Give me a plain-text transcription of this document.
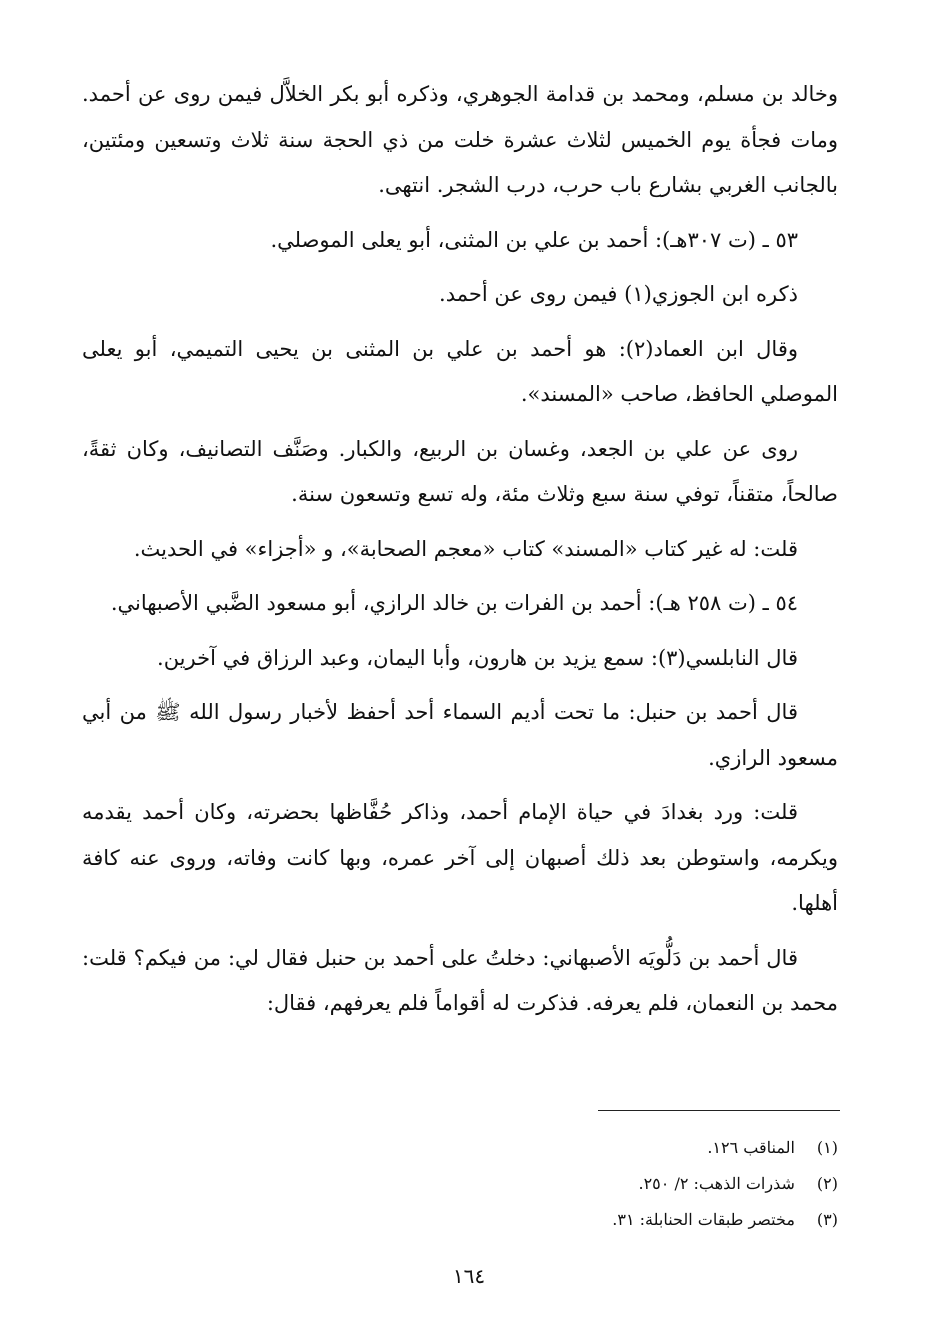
وخالد بن مسلم، ومحمد بن قدامة الجوهري، وذكره أبو بكر الخلاَّل فيمن روى عن أحمد. ومات فجأة يوم الخميس لثلاث عشرة خلت من ذي الحجة سنة ثلاث وتسعين ومئتين، بالجانب الغربي بشارع باب حرب، درب الشجر. انتهى.

٥٣ ـ (ت ٣٠٧هـ): أحمد بن علي بن المثنى، أبو يعلى الموصلي.

ذكره ابن الجوزي(١) فيمن روى عن أحمد.

وقال ابن العماد(٢): هو أحمد بن علي بن المثنى بن يحيى التميمي، أبو يعلى الموصلي الحافظ، صاحب «المسند».

روى عن علي بن الجعد، وغسان بن الربيع، والكبار. وصَنَّف التصانيف، وكان ثقةً، صالحاً، متقناً، توفي سنة سبع وثلاث مئة، وله تسع وتسعون سنة.

قلت: له غير كتاب «المسند» كتاب «معجم الصحابة»، و «أجزاء» في الحديث.

٥٤ ـ (ت ٢٥٨ هـ): أحمد بن الفرات بن خالد الرازي، أبو مسعود الضَّبي الأصبهاني.

قال النابلسي(٣): سمع يزيد بن هارون، وأبا اليمان، وعبد الرزاق في آخرين.

قال أحمد بن حنبل: ما تحت أديم السماء أحد أحفظ لأخبار رسول الله ﷺ من أبي مسعود الرازي.

قلت: ورد بغدادَ في حياة الإمام أحمد، وذاكر حُفَّاظها بحضرته، وكان أحمد يقدمه ويكرمه، واستوطن بعد ذلك أصبهان إلى آخر عمره، وبها كانت وفاته، وروى عنه كافة أهلها.

قال أحمد بن دَلُّويَه الأصبهاني: دخلتُ على أحمد بن حنبل فقال لي: من فيكم؟ قلت: محمد بن النعمان، فلم يعرفه. فذكرت له أقواماً فلم يعرفهم، فقال:

(١) المناقب ١٢٦.
(٢) شذرات الذهب: ٢/ ٢٥٠.
(٣) مختصر طبقات الحنابلة: ٣١.
١٦٤
